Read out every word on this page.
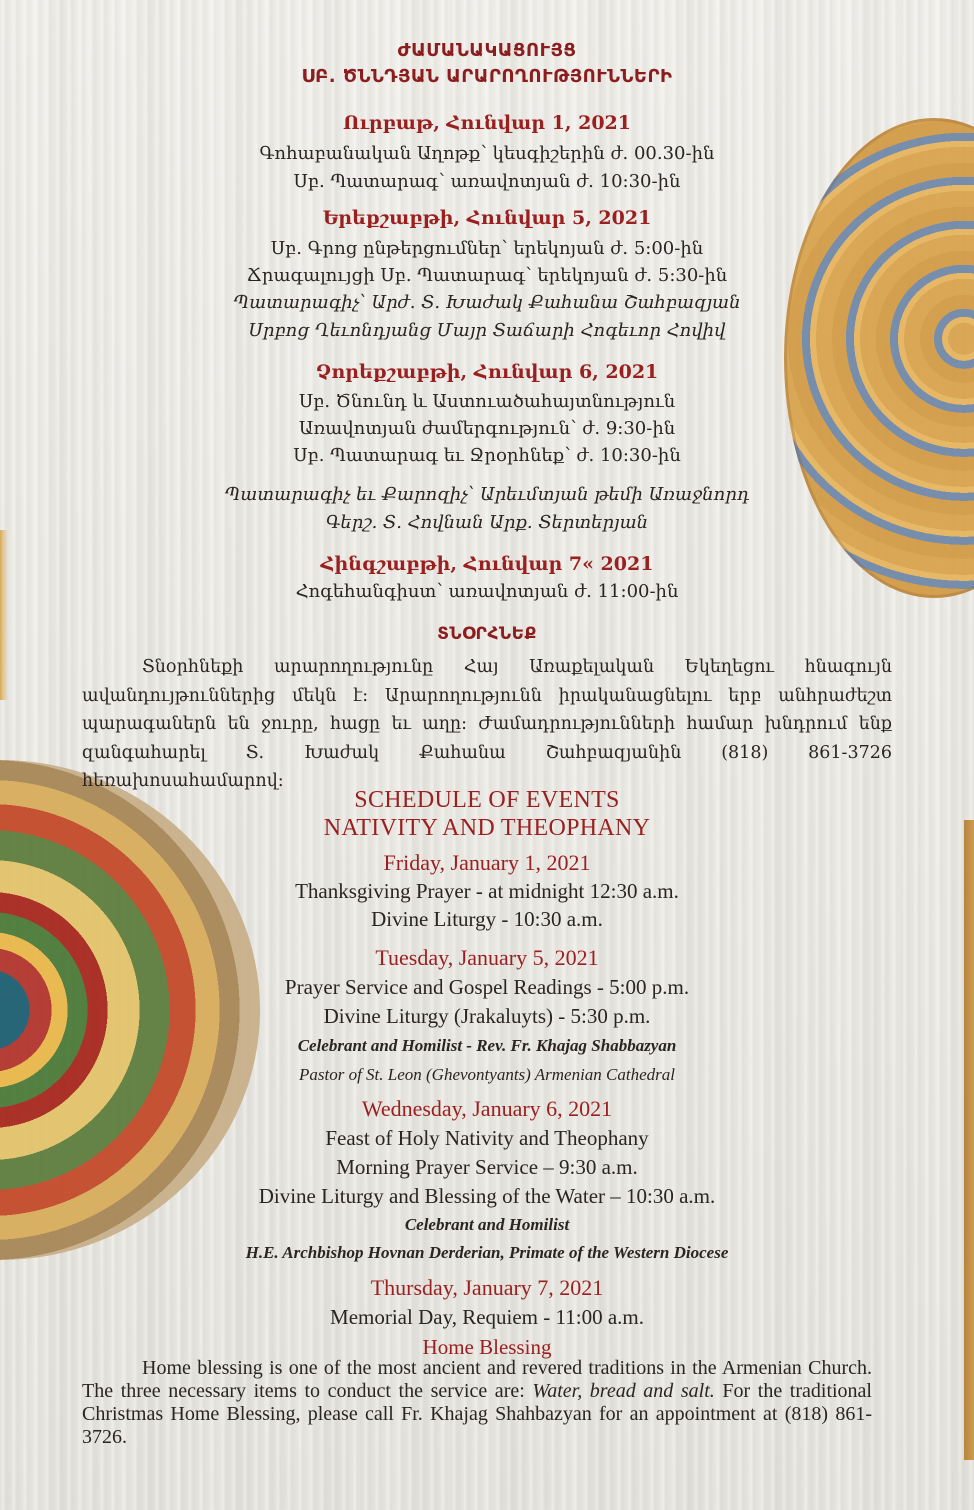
ԺԱՄԱՆԱԿԱՑՈՒՅՑ
ՍԲ. ԾՆՆԴՅԱՆ ԱՐԱՐՈՂՈՒԹՅՈՒՆՆԵՐԻ
Ուրբաթ, Հունվար 1, 2021
Գոհաբանական Աղոթք՝ կեսգիշերին ժ. 00.30-ին
Սբ. Պատարագ՝ առավոտյան ժ. 10:30-ին
Երեքշաբթի, Հունվար 5, 2021
Սբ. Գրոց ընթերցումներ՝ երեկոյան ժ. 5:00-ին
Ճրագալույցի Սբ. Պատարագ՝ երեկոյան ժ. 5:30-ին
Պատարագիչ՝ Արժ. Տ. Խաժակ Քահանա Շահբազյան
Սրբոց Ղեւոնդյանց Մայր Տաճարի Հոգեւոր Հովիվ
Չորեքշաբթի, Հունվար 6, 2021
Սբ. Ծնունդ և Աստուածահայտնություն
Առավոտյան ժամերգություն՝ ժ. 9:30-ին
Սբ. Պատարագ եւ Ջրօրհնեք՝ ժ. 10:30-ին
Պատարագիչ եւ Քարոզիչ՝ Արեւմտյան թեմի Առաջնորդ
Գերշ. Տ. Հովնան Արք. Տերտերյան
Հինգշաբթի, Հունվար 7« 2021
Հոգեհանգիստ՝ առավոտյան ժ. 11:00-ին
ՏՆՕՐՀՆԵՔ
Տնօրհնեքի արարողությունը Հայ Առաքելական Եկեղեցու հնագույն ավանդույթուններից մեկն է: Արարողությունն իրականացնելու երբ անհրաժեշտ պարագաներն են ջուրը, հացը եւ աղը: Ժամադրությունների համար խնդրում ենք զանգահարել Տ. Խաժակ Քահանա Շահբազյանին (818) 861-3726 հեռախոսահամարով:
SCHEDULE OF EVENTS
NATIVITY AND THEOPHANY
Friday, January 1, 2021
Thanksgiving Prayer - at midnight 12:30 a.m.
Divine Liturgy - 10:30 a.m.
Tuesday, January 5, 2021
Prayer Service and Gospel Readings - 5:00 p.m.
Divine Liturgy (Jrakaluyts) - 5:30 p.m.
Celebrant and Homilist - Rev. Fr. Khajag Shabbazyan
Pastor of St. Leon (Ghevontyants) Armenian Cathedral
Wednesday, January 6, 2021
Feast of Holy Nativity and Theophany
Morning Prayer Service – 9:30 a.m.
Divine Liturgy and Blessing of the Water – 10:30 a.m.
Celebrant and Homilist
H.E. Archbishop Hovnan Derderian, Primate of the Western Diocese
Thursday, January 7, 2021
Memorial Day, Requiem - 11:00 a.m.
Home Blessing
Home blessing is one of the most ancient and revered traditions in the Armenian Church. The three necessary items to conduct the service are: Water, bread and salt. For the traditional Christmas Home Blessing, please call Fr. Khajag Shahbazyan for an appointment at (818) 861-3726.
